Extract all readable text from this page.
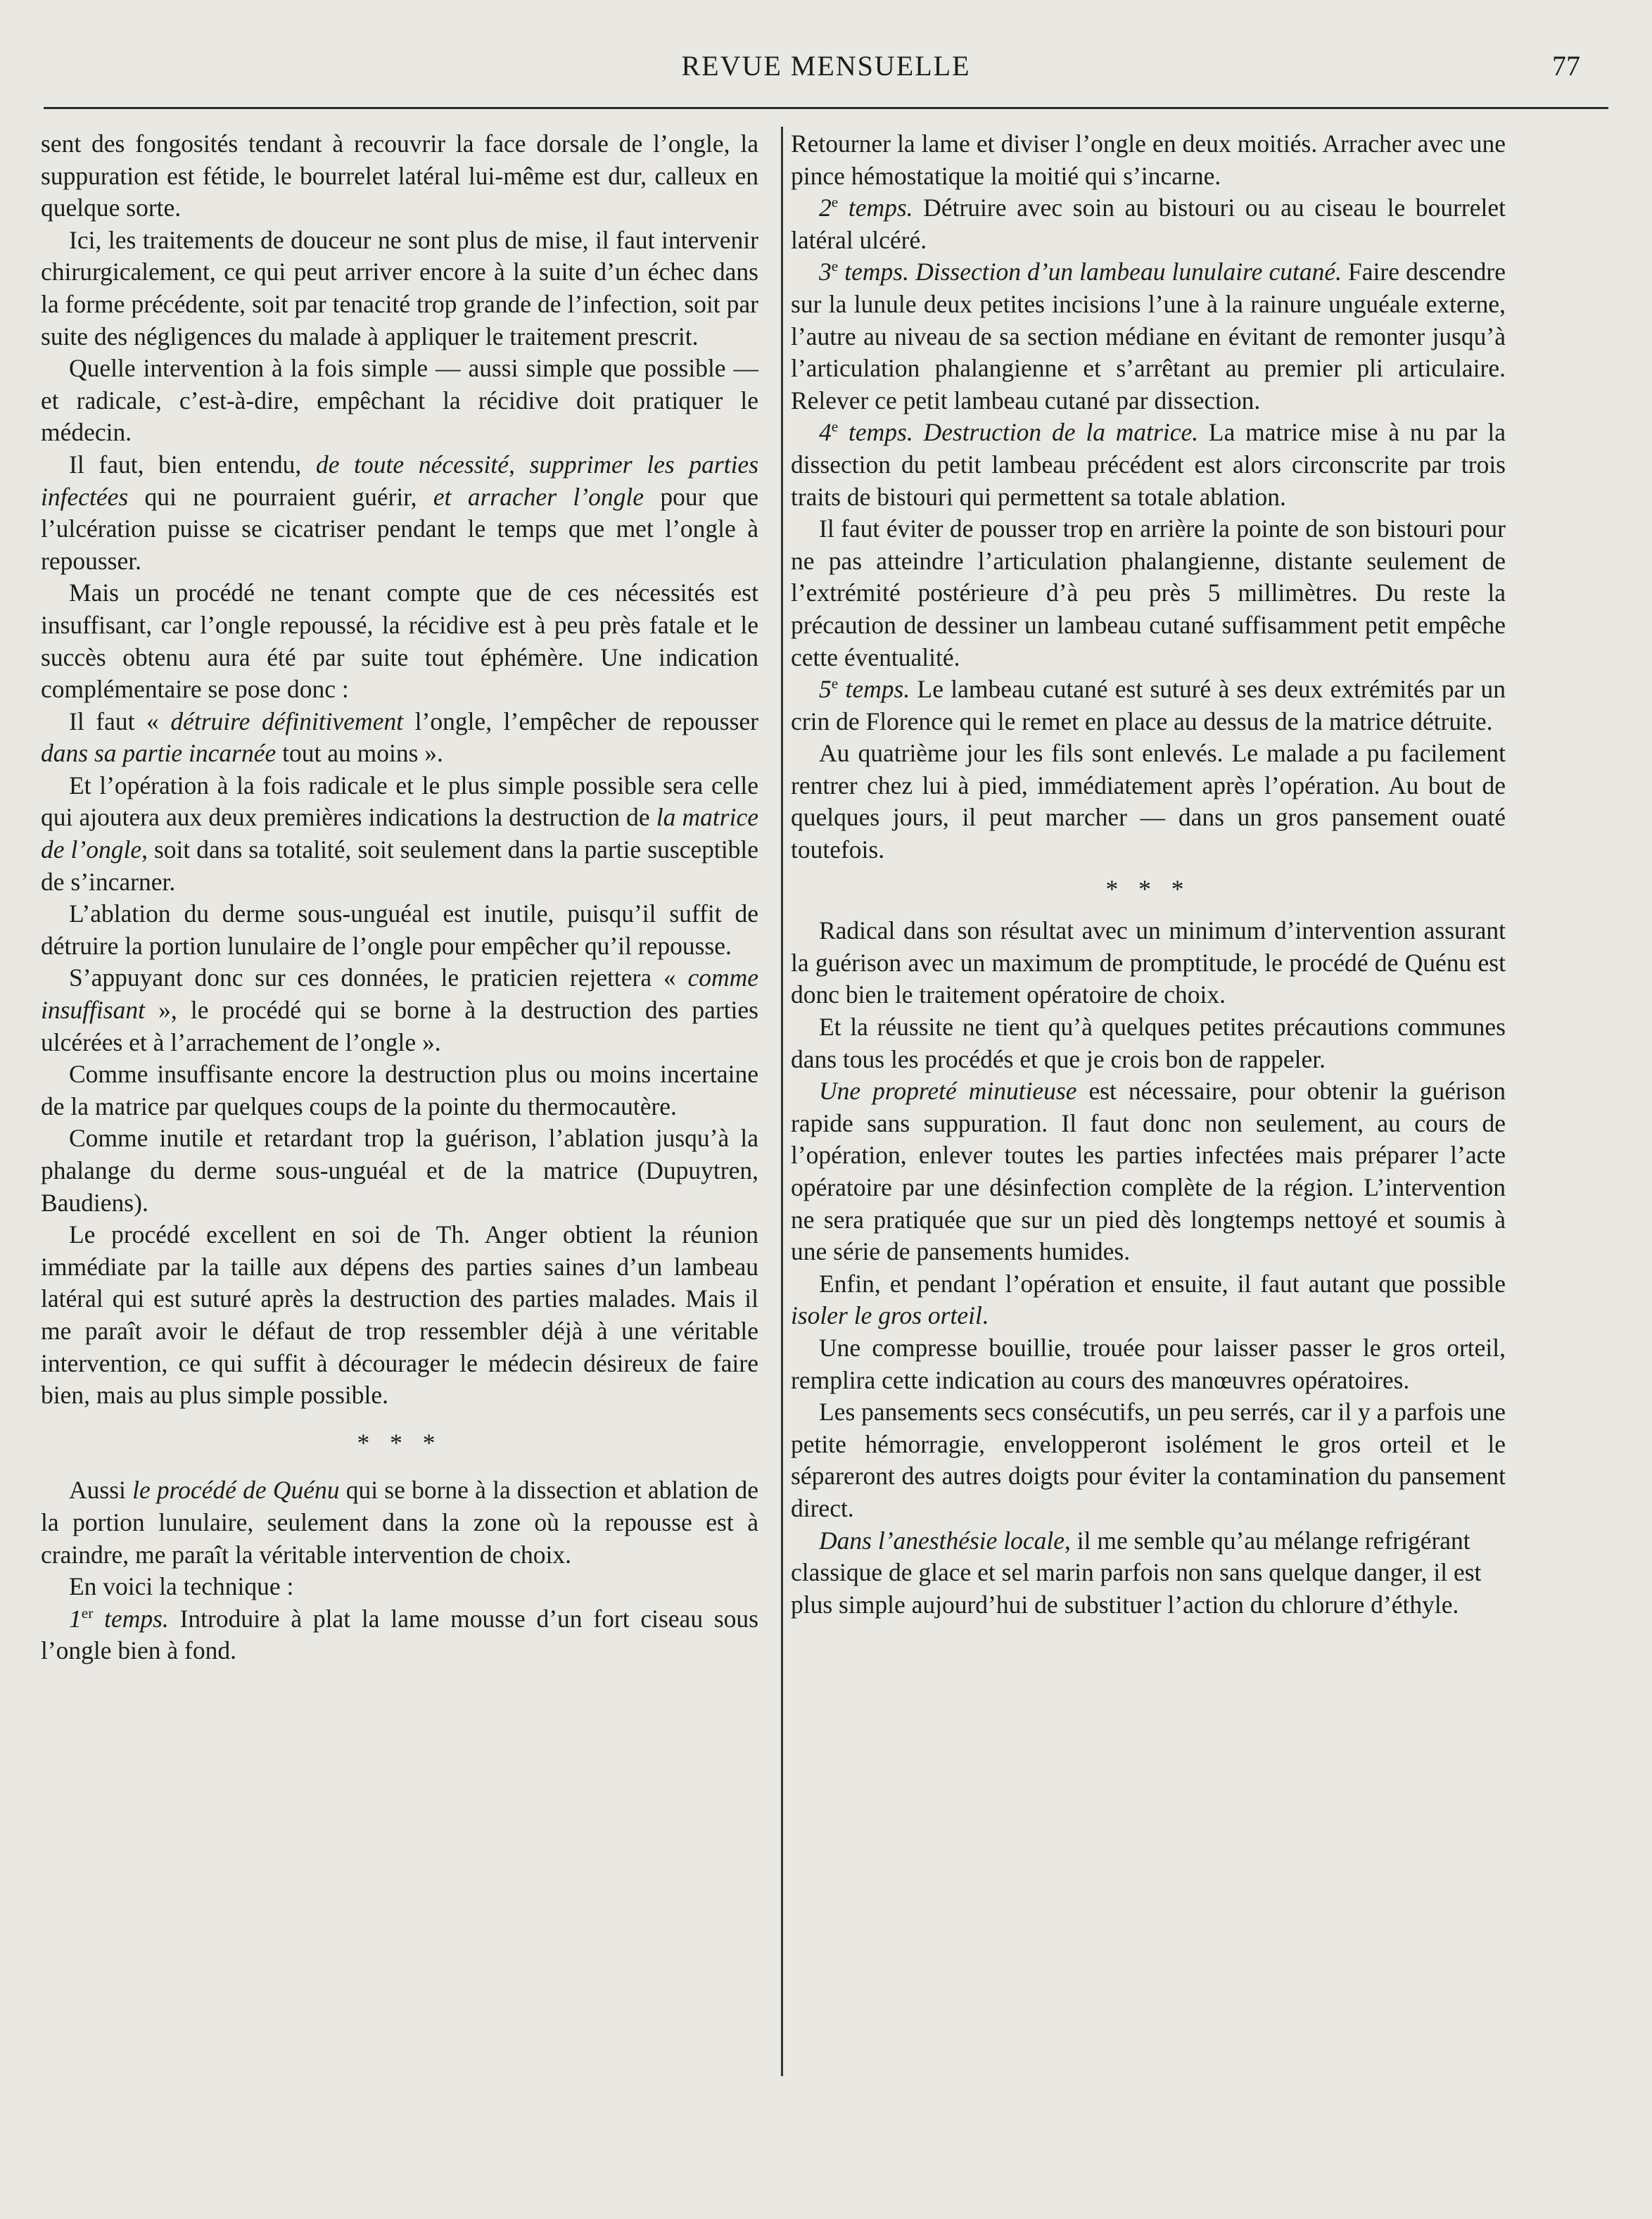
REVUE MENSUELLE	77

sent des fongosités tendant à recouvrir la face dorsale de l’ongle, la suppuration est fétide, le bourrelet latéral lui-même est dur, calleux en quelque sorte.

Ici, les traitements de douceur ne sont plus de mise, il faut intervenir chirurgicalement, ce qui peut arriver encore à la suite d’un échec dans la forme précédente, soit par tenacité trop grande de l’infection, soit par suite des négligences du malade à appliquer le traitement prescrit.

Quelle intervention à la fois simple — aussi simple que possible — et radicale, c’est-à-dire, empêchant la récidive doit pratiquer le médecin.

Il faut, bien entendu, de toute nécessité, supprimer les parties infectées qui ne pourraient guérir, et arracher l’ongle pour que l’ulcération puisse se cicatriser pendant le temps que met l’ongle à repousser.

Mais un procédé ne tenant compte que de ces nécessités est insuffisant, car l’ongle repoussé, la récidive est à peu près fatale et le succès obtenu aura été par suite tout éphémère. Une indication complémentaire se pose donc :

Il faut « détruire définitivement l’ongle, l’empêcher de repousser dans sa partie incarnée tout au moins ».

Et l’opération à la fois radicale et le plus simple possible sera celle qui ajoutera aux deux premières indications la destruction de la matrice de l’ongle, soit dans sa totalité, soit seulement dans la partie susceptible de s’incarner.

L’ablation du derme sous-unguéal est inutile, puisqu’il suffit de détruire la portion lunulaire de l’ongle pour empêcher qu’il repousse.

S’appuyant donc sur ces données, le praticien rejettera « comme insuffisant », le procédé qui se borne à la destruction des parties ulcérées et à l’arrachement de l’ongle ».

Comme insuffisante encore la destruction plus ou moins incertaine de la matrice par quelques coups de la pointe du thermocautère.

Comme inutile et retardant trop la guérison, l’ablation jusqu’à la phalange du derme sous-unguéal et de la matrice (Dupuytren, Baudiens).

Le procédé excellent en soi de Th. Anger obtient la réunion immédiate par la taille aux dépens des parties saines d’un lambeau latéral qui est suturé après la destruction des parties malades. Mais il me paraît avoir le défaut de trop ressembler déjà à une véritable intervention, ce qui suffit à décourager le médecin désireux de faire bien, mais au plus simple possible.

* * *

Aussi le procédé de Quénu qui se borne à la dissection et ablation de la portion lunulaire, seulement dans la zone où la repousse est à craindre, me paraît la véritable intervention de choix.

En voici la technique :

1er temps. Introduire à plat la lame mousse d’un fort ciseau sous l’ongle bien à fond.

Retourner la lame et diviser l’ongle en deux moitiés. Arracher avec une pince hémostatique la moitié qui s’incarne.

2e temps. Détruire avec soin au bistouri ou au ciseau le bourrelet latéral ulcéré.

3e temps. Dissection d’un lambeau lunulaire cutané. Faire descendre sur la lunule deux petites incisions l’une à la rainure unguéale externe, l’autre au niveau de sa section médiane en évitant de remonter jusqu’à l’articulation phalangienne et s’arrêtant au premier pli articulaire. Relever ce petit lambeau cutané par dissection.

4e temps. Destruction de la matrice. La matrice mise à nu par la dissection du petit lambeau précédent est alors circonscrite par trois traits de bistouri qui permettent sa totale ablation.

Il faut éviter de pousser trop en arrière la pointe de son bistouri pour ne pas atteindre l’articulation phalangienne, distante seulement de l’extrémité postérieure d’à peu près 5 millimètres. Du reste la précaution de dessiner un lambeau cutané suffisamment petit empêche cette éventualité.

5e temps. Le lambeau cutané est suturé à ses deux extrémités par un crin de Florence qui le remet en place au dessus de la matrice détruite.

Au quatrième jour les fils sont enlevés. Le malade a pu facilement rentrer chez lui à pied, immédiatement après l’opération. Au bout de quelques jours, il peut marcher — dans un gros pansement ouaté toutefois.

* * *

Radical dans son résultat avec un minimum d’intervention assurant la guérison avec un maximum de promptitude, le procédé de Quénu est donc bien le traitement opératoire de choix.

Et la réussite ne tient qu’à quelques petites précautions communes dans tous les procédés et que je crois bon de rappeler.

Une propreté minutieuse est nécessaire, pour obtenir la guérison rapide sans suppuration. Il faut donc non seulement, au cours de l’opération, enlever toutes les parties infectées mais préparer l’acte opératoire par une désinfection complète de la région. L’intervention ne sera pratiquée que sur un pied dès longtemps nettoyé et soumis à une série de pansements humides.

Enfin, et pendant l’opération et ensuite, il faut autant que possible isoler le gros orteil.

Une compresse bouillie, trouée pour laisser passer le gros orteil, remplira cette indication au cours des manœuvres opératoires.

Les pansements secs consécutifs, un peu serrés, car il y a parfois une petite hémorragie, envelopperont isolément le gros orteil et le sépareront des autres doigts pour éviter la contamination du pansement direct.

Dans l’anesthésie locale, il me semble qu’au mélange refrigérant classique de glace et sel marin parfois non sans quelque danger, il est plus simple aujourd’hui de substituer l’action du chlorure d’éthyle.
